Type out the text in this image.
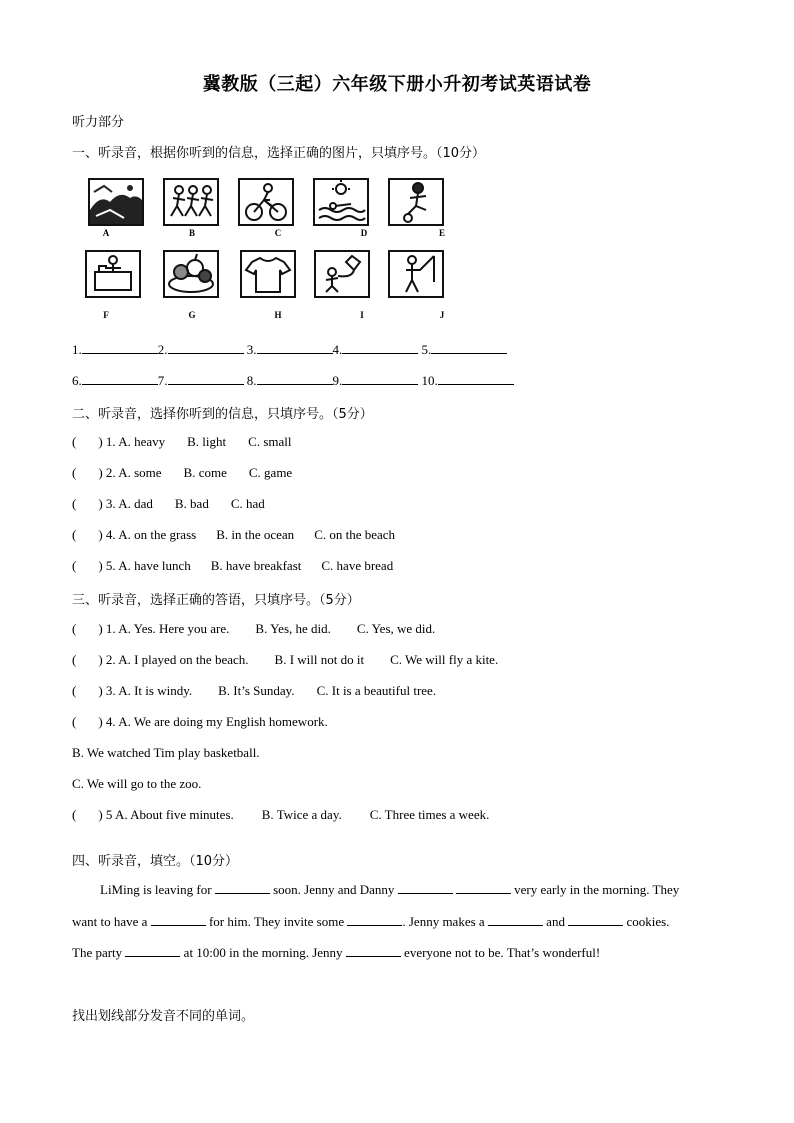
冀教版（三起）六年级下册小升初考试英语试卷
听力部分
一、听录音，根据你听到的信息，选择正确的图片，只填序号。（10分）
A	B	C	D	E
F	G	H	I	J
1.	2.	3.	4.	5.
6.	7.	8.	9.	10.
二、听录音，选择你听到的信息，只填序号。（5分）
( ) 1. A. heavy B. light C. small
( ) 2. A. some B. come C. game
( ) 3. A. dad B. bad C. had
( ) 4. A. on the grass B. in the ocean C. on the beach
( ) 5. A. have lunch B. have breakfast C. have bread
三、听录音，选择正确的答语，只填序号。（5分）
( ) 1. A. Yes. Here you are. B. Yes, he did. C. Yes, we did.
( ) 2. A. I played on the beach. B. I will not do it C. We will fly a kite.
( ) 3. A. It is windy. B. It’s Sunday. C. It is a beautiful tree.
( ) 4. A. We are doing my English homework.
B. We watched Tim play basketball.
C. We will go to the zoo.
( ) 5 A. About five minutes. B. Twice a day. C. Three times a week.
四、听录音，填空。（10分）
LiMing is leaving for	soon. Jenny and Danny	very early in the morning. They
want to have a	for him. They invite some	. Jenny makes a	and	cookies.
The party	at 10:00 in the morning. Jenny	everyone not to be. That’s wonderful!
找出划线部分发音不同的单词。
